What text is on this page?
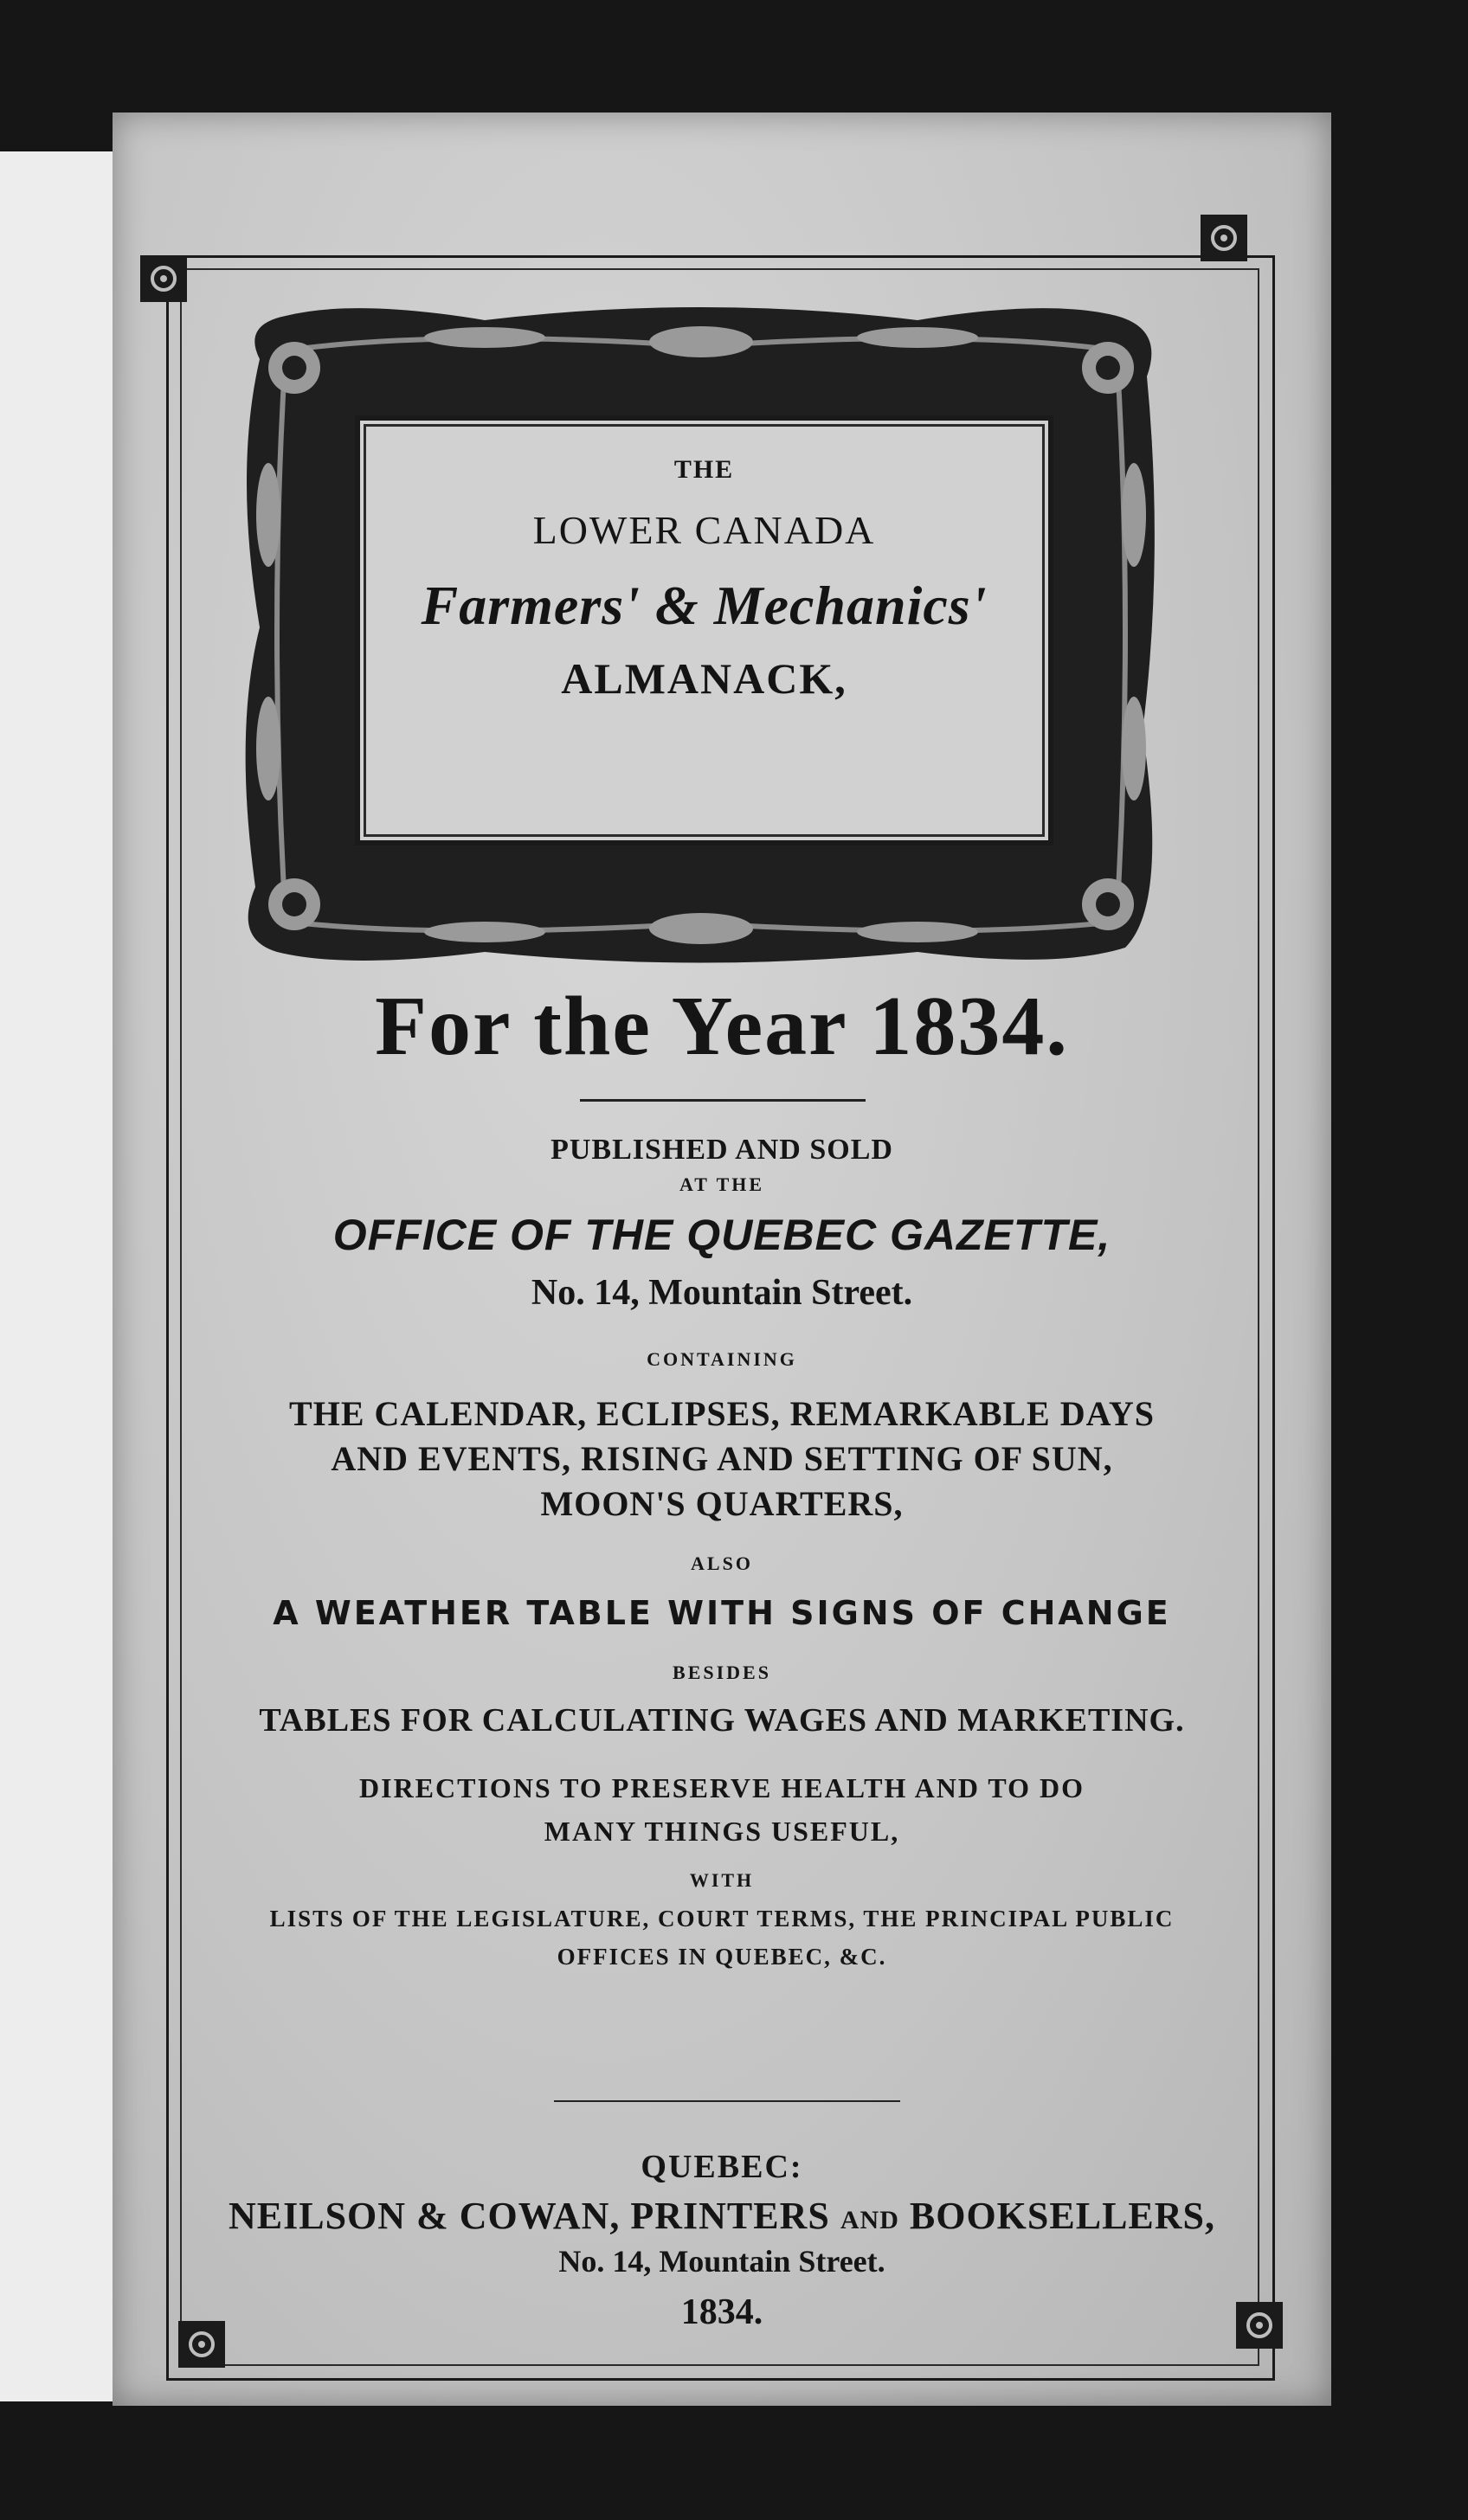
THE
LOWER CANADA
Farmers' & Mechanics'
ALMANACK,
For the Year 1834.
PUBLISHED AND SOLD
AT THE
OFFICE OF THE QUEBEC GAZETTE,
No. 14, Mountain Street.
CONTAINING
THE CALENDAR, ECLIPSES, REMARKABLE DAYS
AND EVENTS, RISING AND SETTING OF SUN,
MOON'S QUARTERS,
ALSO
A WEATHER TABLE WITH SIGNS OF CHANGE
BESIDES
TABLES FOR CALCULATING WAGES AND MARKETING.
DIRECTIONS TO PRESERVE HEALTH AND TO DO
MANY THINGS USEFUL,
WITH
LISTS OF THE LEGISLATURE, COURT TERMS, THE PRINCIPAL PUBLIC
OFFICES IN QUEBEC, &C.
QUEBEC:
NEILSON & COWAN, PRINTERS AND BOOKSELLERS,
No. 14, Mountain Street.
1834.
